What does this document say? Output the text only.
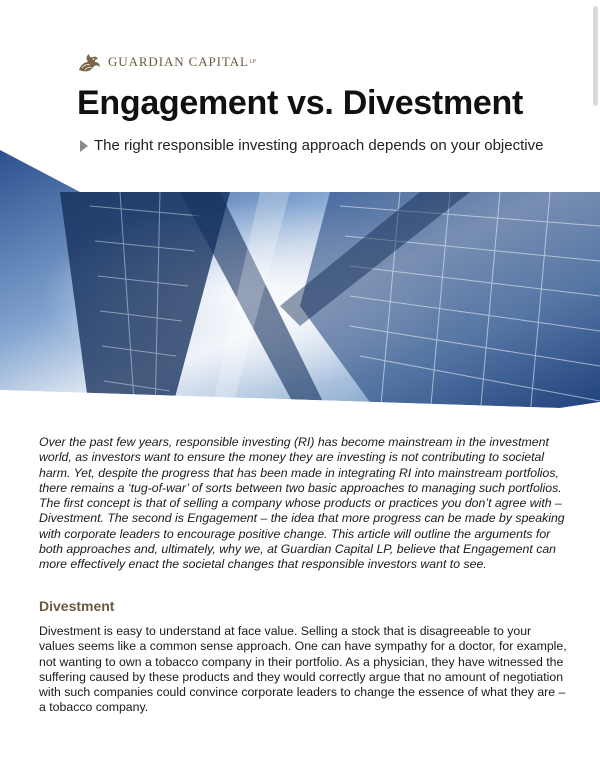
GUARDIAN CAPITAL LP
Engagement vs. Divestment
The right responsible investing approach depends on your objective

Over the past few years, responsible investing (RI) has become mainstream in the investment world, as investors want to ensure the money they are investing is not contributing to societal harm. Yet, despite the progress that has been made in integrating RI into mainstream portfolios, there remains a ‘tug-of-war’ of sorts between two basic approaches to managing such portfolios. The first concept is that of selling a company whose products or practices you don’t agree with – Divestment. The second is Engagement – the idea that more progress can be made by speaking with corporate leaders to encourage positive change. This article will outline the arguments for both approaches and, ultimately, why we, at Guardian Capital LP, believe that Engagement can more effectively enact the societal changes that responsible investors want to see.

Divestment

Divestment is easy to understand at face value. Selling a stock that is disagreeable to your values seems like a common sense approach. One can have sympathy for a doctor, for example, not wanting to own a tobacco company in their portfolio. As a physician, they have witnessed the suffering caused by these products and they would correctly argue that no amount of negotiation with such companies could convince corporate leaders to change the essence of what they are – a tobacco company.
